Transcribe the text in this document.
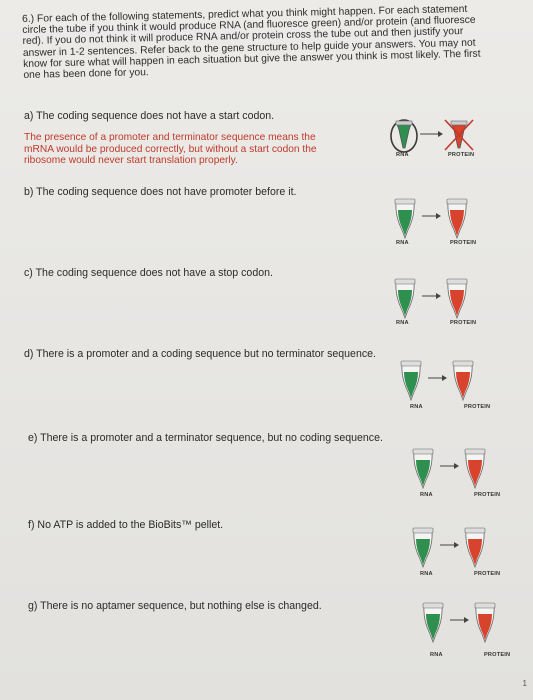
6.) For each of the following statements, predict what you think might happen. For each statement circle the tube if you think it would produce RNA (and fluoresce green) and/or protein (and fluoresce red). If you do not think it will produce RNA and/or protein cross the tube out and then justify your answer in 1-2 sentences. Refer back to the gene structure to help guide your answers. You may not know for sure what will happen in each situation but give the answer you think is most likely. The first one has been done for you.
a) The coding sequence does not have a start codon.
The presence of a promoter and terminator sequence means the mRNA would be produced correctly, but without a start codon the ribosome would never start translation properly.
b) The coding sequence does not have promoter before it.
c) The coding sequence does not have a stop codon.
d) There is a promoter and a coding sequence but no terminator sequence.
e) There is a promoter and a terminator sequence, but no coding sequence.
f) No ATP is added to the BioBits™ pellet.
g) There is no aptamer sequence, but nothing else is changed.
RNA	PROTEIN
RNA	PROTEIN
RNA	PROTEIN
RNA	PROTEIN
RNA	PROTEIN
RNA	PROTEIN
RNA	PROTEIN
1
